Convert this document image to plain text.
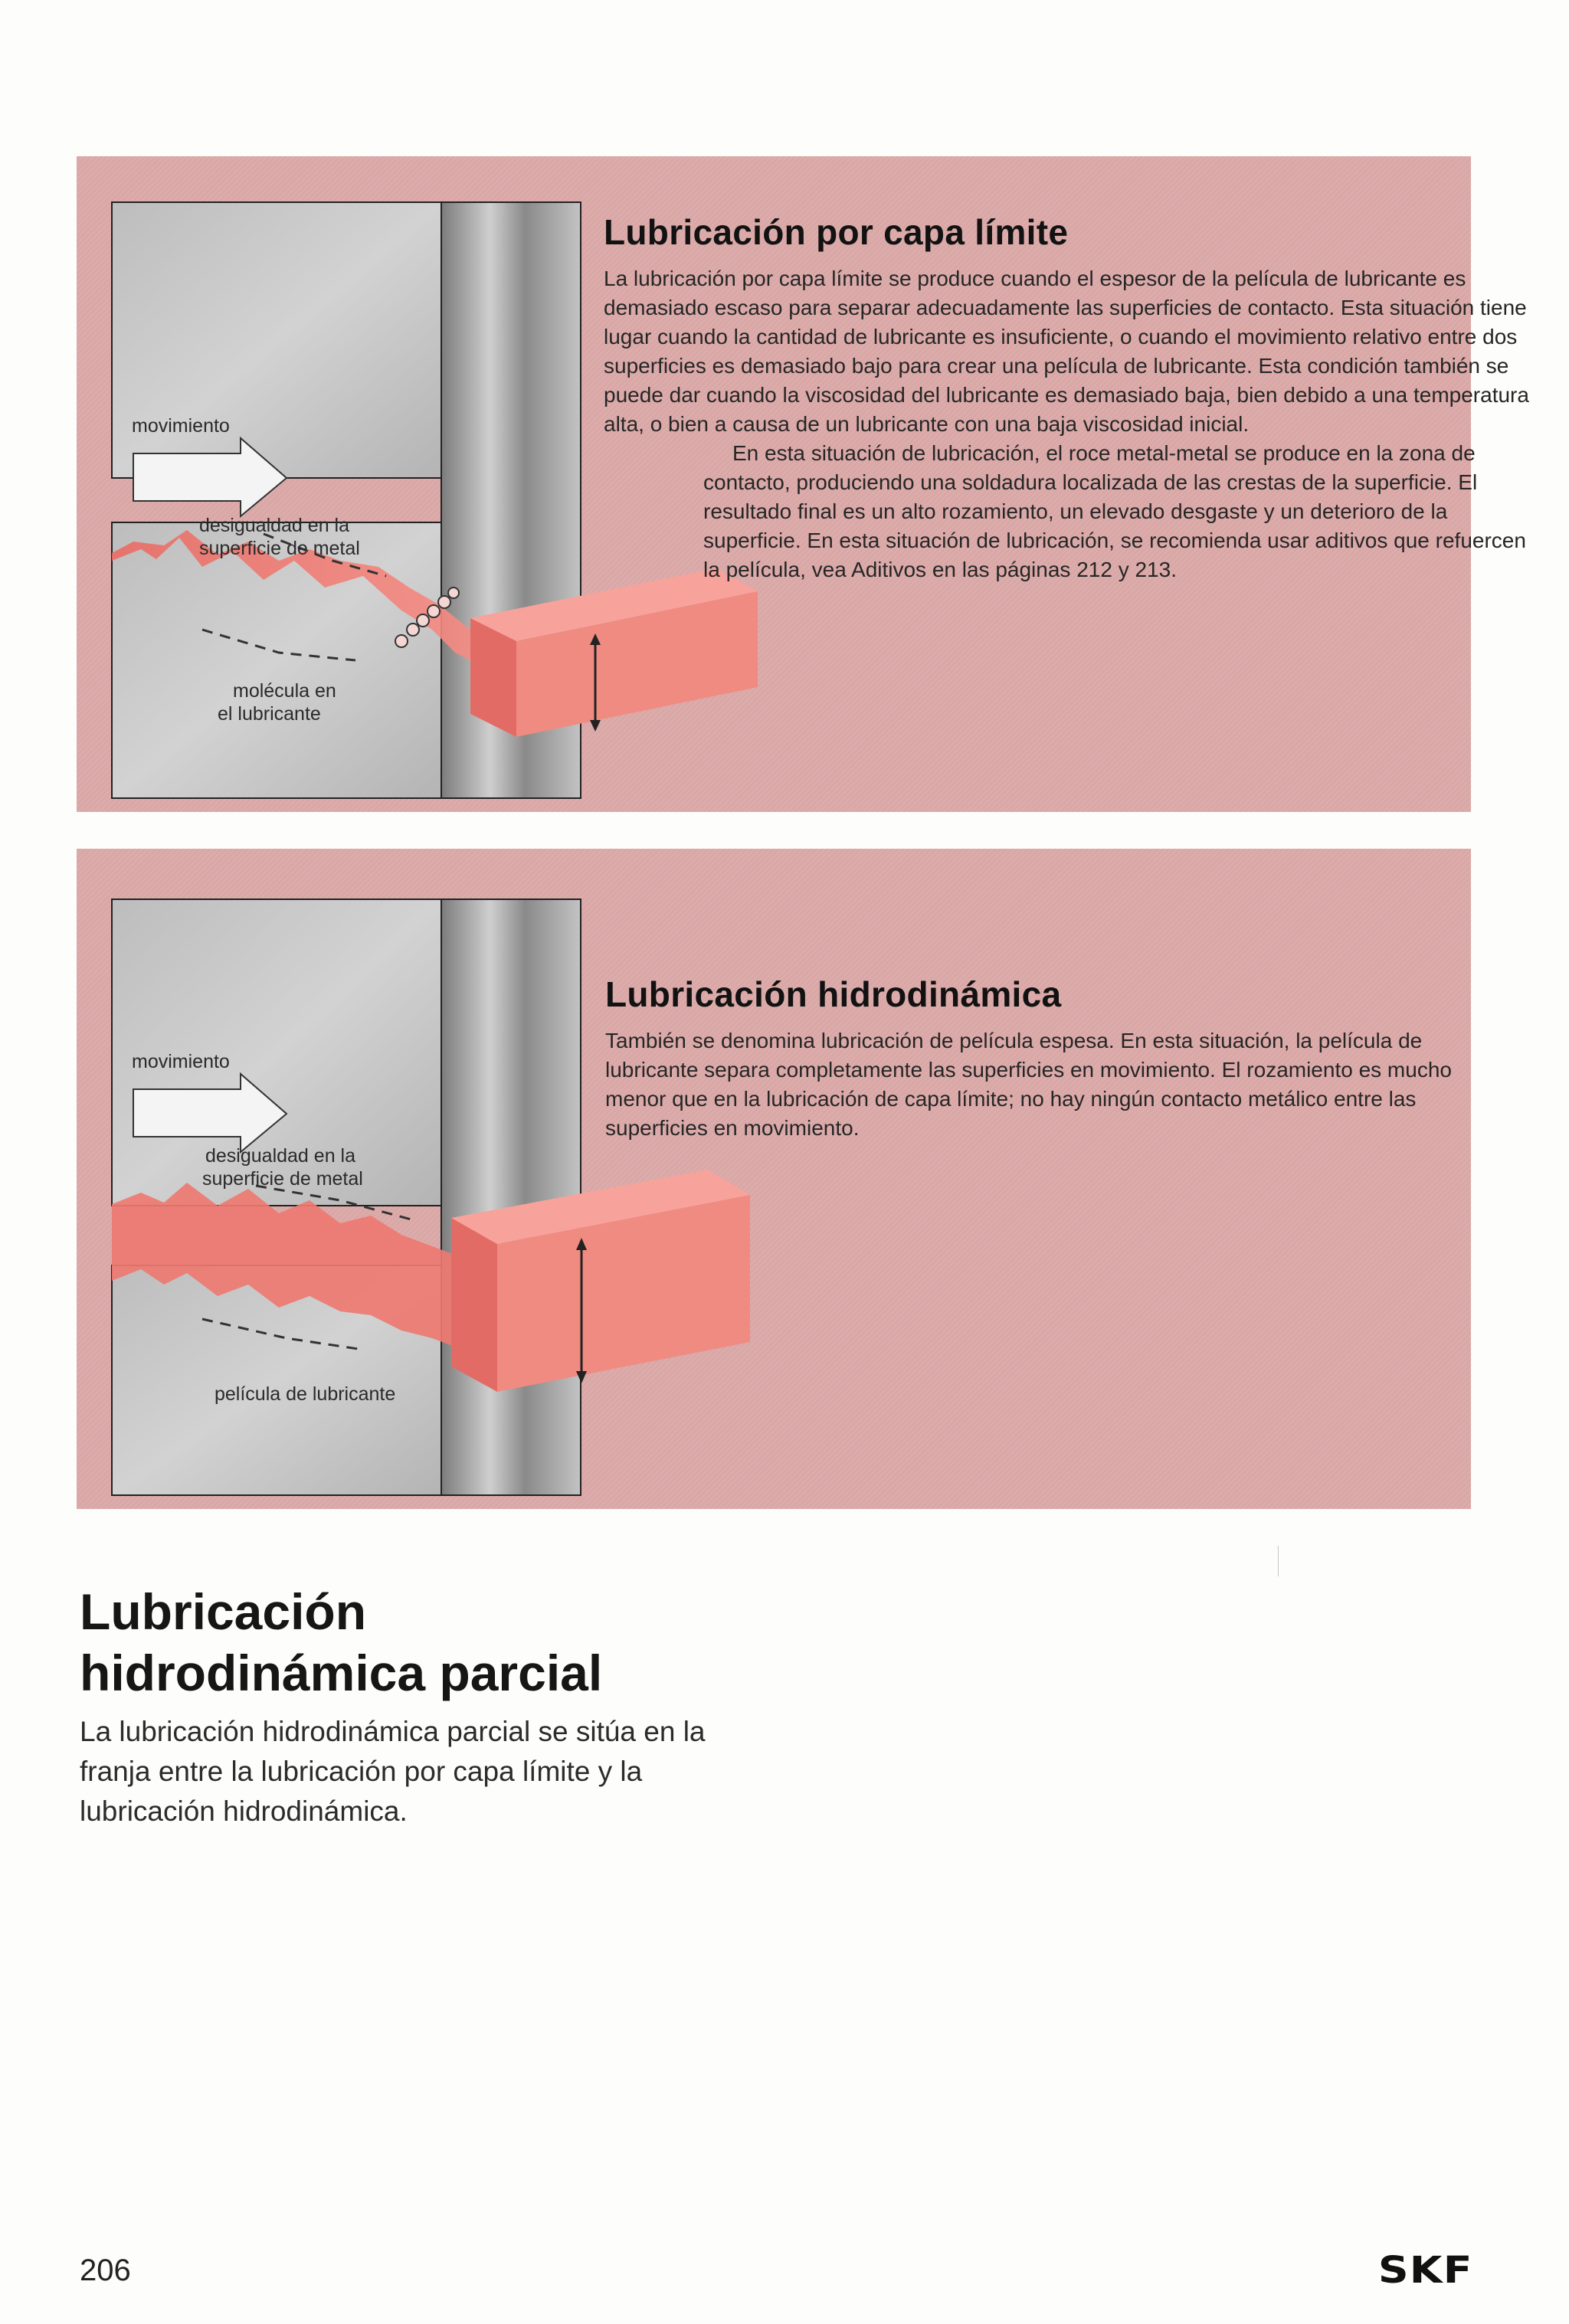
movimiento
desigualdad en la
superficie de metal
molécula en
el lubricante
Lubricación por capa límite

La lubricación por capa límite se produce cuando el espesor de la película de lubricante es demasiado escaso para separar adecuadamente las superficies de contacto. Esta situación tiene lugar cuando la cantidad de lubricante es insuficiente, o cuando el movimiento relativo entre dos superficies es demasiado bajo para crear una película de lubricante. Esta condición también se puede dar cuando la viscosidad del lubricante es demasiado baja, bien debido a una temperatura alta, o bien a causa de un lubricante con una baja viscosidad inicial.

En esta situación de lubricación, el roce metal-metal se produce en la zona de contacto, produciendo una soldadura localizada de las crestas de la superficie. El resultado final es un alto rozamiento, un elevado desgaste y un deterioro de la superficie. En esta situación de lubricación, se recomienda usar aditivos que refuercen la película, vea Aditivos en las páginas 212 y 213.

movimiento
desigualdad en la
superficie de metal
película de lubricante
Lubricación hidrodinámica

También se denomina lubricación de película espesa. En esta situación, la película de lubricante separa completamente las superficies en movimiento. El rozamiento es mucho menor que en la lubricación de capa límite; no hay ningún contacto metálico entre las superficies en movimiento.

Lubricación
hidrodinámica parcial

La lubricación hidrodinámica parcial se sitúa en la franja entre la lubricación por capa límite y la lubricación hidrodinámica.

206	SKF
